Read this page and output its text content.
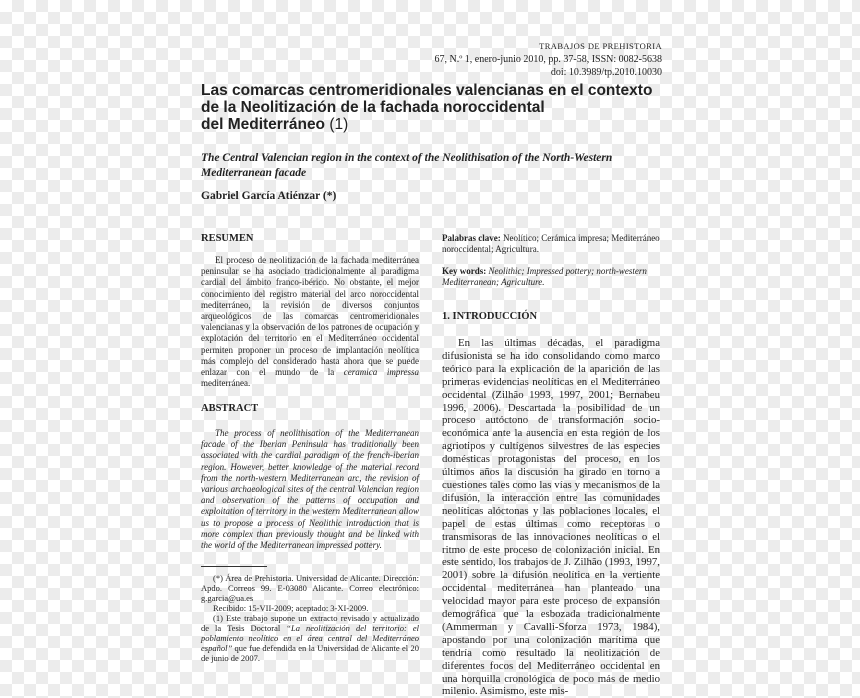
TRABAJOS DE PREHISTORIA
67, N.º 1, enero-junio 2010, pp. 37-58, ISSN: 0082-5638
doi: 10.3989/tp.2010.10030
Las comarcas centromeridionales valencianas en el contexto
de la Neolitización de la fachada noroccidental
del Mediterráneo (1)
The Central Valencian region in the context of the Neolithisation of the North-Western Mediterranean facade
Gabriel García Atiénzar (*)
RESUMEN

El proceso de neolitización de la fachada mediterránea peninsular se ha asociado tradicionalmente al paradigma cardial del ámbito franco-ibérico. No obstante, el mejor conocimiento del registro material del arco noroccidental mediterráneo, la revisión de diversos conjuntos arqueológicos de las comarcas centromeridionales valencianas y la observación de los patrones de ocupación y explotación del territorio en el Mediterráneo occidental permiten proponer un proceso de implantación neolítica más complejo del considerado hasta ahora que se puede enlazar con el mundo de la ceramica impressa mediterránea.

ABSTRACT

The process of neolithisation of the Mediterranean facade of the Iberian Peninsula has traditionally been associated with the cardial paradigm of the french-iberian region. However, better knowledge of the material record from the north-western Mediterranean arc, the revision of various archaeological sites of the central Valencian region and observation of the patterns of occupation and exploitation of territory in the western Mediterranean allow us to propose a process of Neolithic introduction that is more complex than previously thought and be linked with the world of the Mediterranean impressed pottery.

(*) Área de Prehistoria. Universidad de Alicante. Dirección: Apdo. Correos 99. E-03080 Alicante. Correo electrónico: g.garcia@ua.es

Recibido: 15-VII-2009; aceptado: 3-XI-2009.

(1) Este trabajo supone un extracto revisado y actualizado de la Tesis Doctoral “La neolitización del territorio: el poblamiento neolítico en el área central del Mediterráneo español” que fue defendida en la Universidad de Alicante el 20 de junio de 2007.

Palabras clave: Neolítico; Cerámica impresa; Mediterráneo noroccidental; Agricultura.
Key words: Neolithic; Impressed pottery; north-western Mediterranean; Agriculture.
1. INTRODUCCIÓN

En las últimas décadas, el paradigma difusionista se ha ido consolidando como marco teórico para la explicación de la aparición de las primeras evidencias neolíticas en el Mediterráneo occidental (Zilhão 1993, 1997, 2001; Bernabeu 1996, 2006). Descartada la posibilidad de un proceso autóctono de transformación socio-económica ante la ausencia en esta región de los agriotipos y cultígenos silvestres de las especies domésticas protagonistas del proceso, en los últimos años la discusión ha girado en torno a cuestiones tales como las vías y mecanismos de la difusión, la interacción entre las comunidades neolíticas alóctonas y las poblaciones locales, el papel de estas últimas como receptoras o transmisoras de las innovaciones neolíticas o el ritmo de este proceso de colonización inicial. En este sentido, los trabajos de J. Zilhão (1993, 1997, 2001) sobre la difusión neolítica en la vertiente occidental mediterránea han planteado una velocidad mayor para este proceso de expansión demográfica que la esbozada tradicionalmente (Ammerman y Cavalli-Sforza 1973, 1984), apostando por una colonización marítima que tendría como resultado la neolitización de diferentes focos del Mediterráneo occidental en una horquilla cronológica de poco más de medio milenio. Asimismo, este mis-
